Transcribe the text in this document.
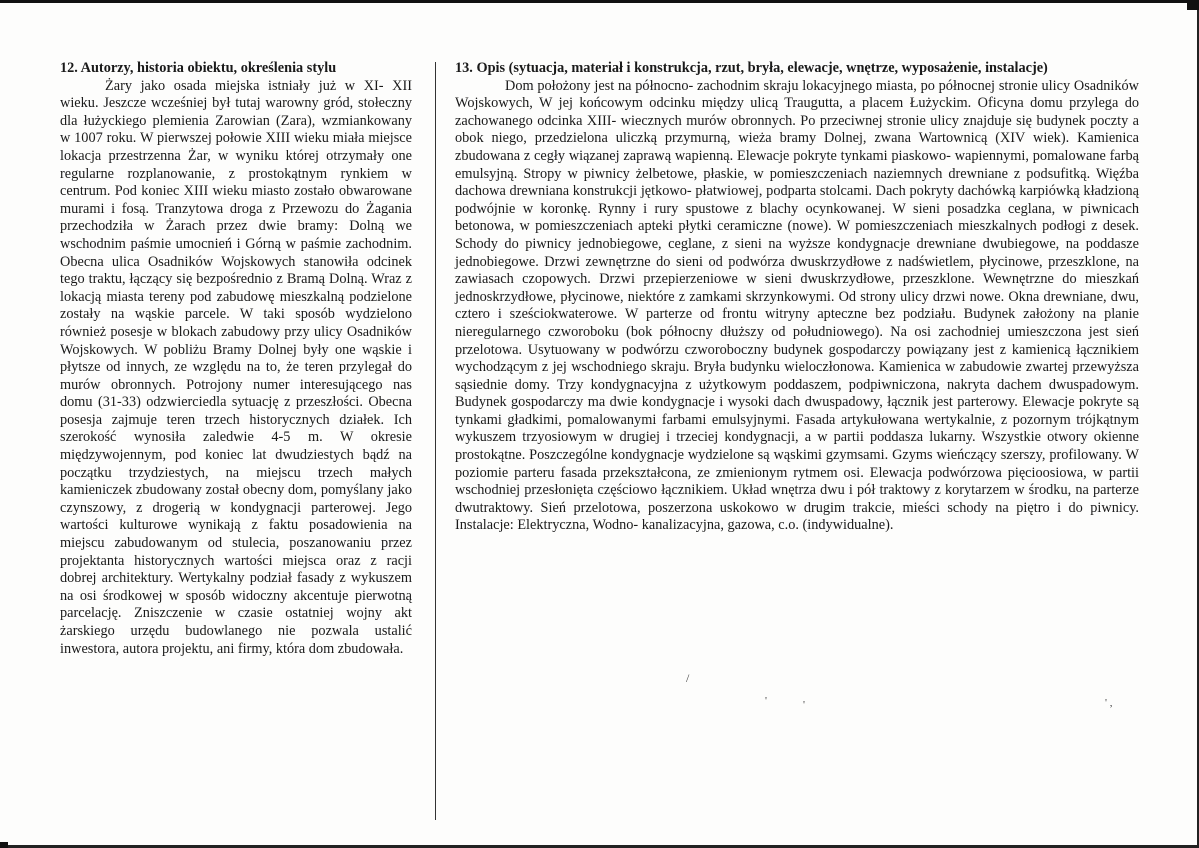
12. Autorzy, historia obiektu, określenia stylu

Żary jako osada miejska istniały już w XI- XII wieku. Jeszcze wcześniej był tutaj warowny gród, stołeczny dla łużyckiego plemienia Zarowian (Zara), wzmiankowany w 1007 roku. W pierwszej połowie XIII wieku miała miejsce lokacja przestrzenna Żar, w wyniku której otrzymały one regularne rozplanowanie, z prostokątnym rynkiem w centrum. Pod koniec XIII wieku miasto zostało obwarowane murami i fosą. Tranzytowa droga z Przewozu do Żagania przechodziła w Żarach przez dwie bramy: Dolną we wschodnim paśmie umocnień i Górną w paśmie zachodnim. Obecna ulica Osadników Wojskowych stanowiła odcinek tego traktu, łączący się bezpośrednio z Bramą Dolną. Wraz z lokacją miasta tereny pod zabudowę mieszkalną podzielone zostały na wąskie parcele. W taki sposób wydzielono również posesje w blokach zabudowy przy ulicy Osadników Wojskowych. W pobliżu Bramy Dolnej były one wąskie i płytsze od innych, ze względu na to, że teren przylegał do murów obronnych. Potrojony numer interesującego nas domu (31-33) odzwierciedla sytuację z przeszłości. Obecna posesja zajmuje teren trzech historycznych działek. Ich szerokość wynosiła zaledwie 4-5 m. W okresie międzywojennym, pod koniec lat dwudziestych bądź na początku trzydziestych, na miejscu trzech małych kamieniczek zbudowany został obecny dom, pomyślany jako czynszowy, z drogerią w kondygnacji parterowej. Jego wartości kulturowe wynikają z faktu posadowienia na miejscu zabudowanym od stulecia, poszanowaniu przez projektanta historycznych wartości miejsca oraz z racji dobrej architektury. Wertykalny podział fasady z wykuszem na osi środkowej w sposób widoczny akcentuje pierwotną parcelację. Zniszczenie w czasie ostatniej wojny akt żarskiego urzędu budowlanego nie pozwala ustalić inwestora, autora projektu, ani firmy, która dom zbudowała.

13. Opis (sytuacja, materiał i konstrukcja, rzut, bryła, elewacje, wnętrze, wyposażenie, instalacje)

Dom położony jest na północno- zachodnim skraju lokacyjnego miasta, po północnej stronie ulicy Osadników Wojskowych, W jej końcowym odcinku między ulicą Traugutta, a placem Łużyckim. Oficyna domu przylega do zachowanego odcinka XIII- wiecznych murów obronnych. Po przeciwnej stronie ulicy znajduje się budynek poczty a obok niego, przedzielona uliczką przymurną, wieża bramy Dolnej, zwana Wartownicą (XIV wiek). Kamienica zbudowana z cegły wiązanej zaprawą wapienną. Elewacje pokryte tynkami piaskowo- wapiennymi, pomalowane farbą emulsyjną. Stropy w piwnicy żelbetowe, płaskie, w pomieszczeniach naziemnych drewniane z podsufitką. Więźba dachowa drewniana konstrukcji jętkowo- płatwiowej, podparta stolcami. Dach pokryty dachówką karpiówką kładzioną podwójnie w koronkę. Rynny i rury spustowe z blachy ocynkowanej. W sieni posadzka ceglana, w piwnicach betonowa, w pomieszczeniach apteki płytki ceramiczne (nowe). W pomieszczeniach mieszkalnych podłogi z desek. Schody do piwnicy jednobiegowe, ceglane, z sieni na wyższe kondygnacje drewniane dwubiegowe, na poddasze jednobiegowe. Drzwi zewnętrzne do sieni od podwórza dwuskrzydłowe z nadświetlem, płycinowe, przeszklone, na zawiasach czopowych. Drzwi przepierzeniowe w sieni dwuskrzydłowe, przeszklone. Wewnętrzne do mieszkań jednoskrzydłowe, płycinowe, niektóre z zamkami skrzynkowymi. Od strony ulicy drzwi nowe. Okna drewniane, dwu, cztero i sześciokwaterowe. W parterze od frontu witryny apteczne bez podziału. Budynek założony na planie nieregularnego czworoboku (bok północny dłuższy od południowego). Na osi zachodniej umieszczona jest sień przelotowa. Usytuowany w podwórzu czworoboczny budynek gospodarczy powiązany jest z kamienicą łącznikiem wychodzącym z jej wschodniego skraju. Bryła budynku wieloczłonowa. Kamienica w zabudowie zwartej przewyższa sąsiednie domy. Trzy kondygnacyjna z użytkowym poddaszem, podpiwniczona, nakryta dachem dwuspadowym. Budynek gospodarczy ma dwie kondygnacje i wysoki dach dwuspadowy, łącznik jest parterowy. Elewacje pokryte są tynkami gładkimi, pomalowanymi farbami emulsyjnymi. Fasada artykułowana wertykalnie, z pozornym trójkątnym wykuszem trzyosiowym w drugiej i trzeciej kondygnacji, a w partii poddasza lukarny. Wszystkie otwory okienne prostokątne. Poszczególne kondygnacje wydzielone są wąskimi gzymsami. Gzyms wieńczący szerszy, profilowany. W poziomie parteru fasada przekształcona, ze zmienionym rytmem osi. Elewacja podwórzowa pięcioosiowa, w partii wschodniej przesłonięta częściowo łącznikiem. Układ wnętrza dwu i pół traktowy z korytarzem w środku, na parterze dwutraktowy. Sień przelotowa, poszerzona uskokowo w drugim trakcie, mieści schody na piętro i do piwnicy. Instalacje: Elektryczna, Wodno- kanalizacyjna, gazowa, c.o. (indywidualne).

/
'	'	' ,
